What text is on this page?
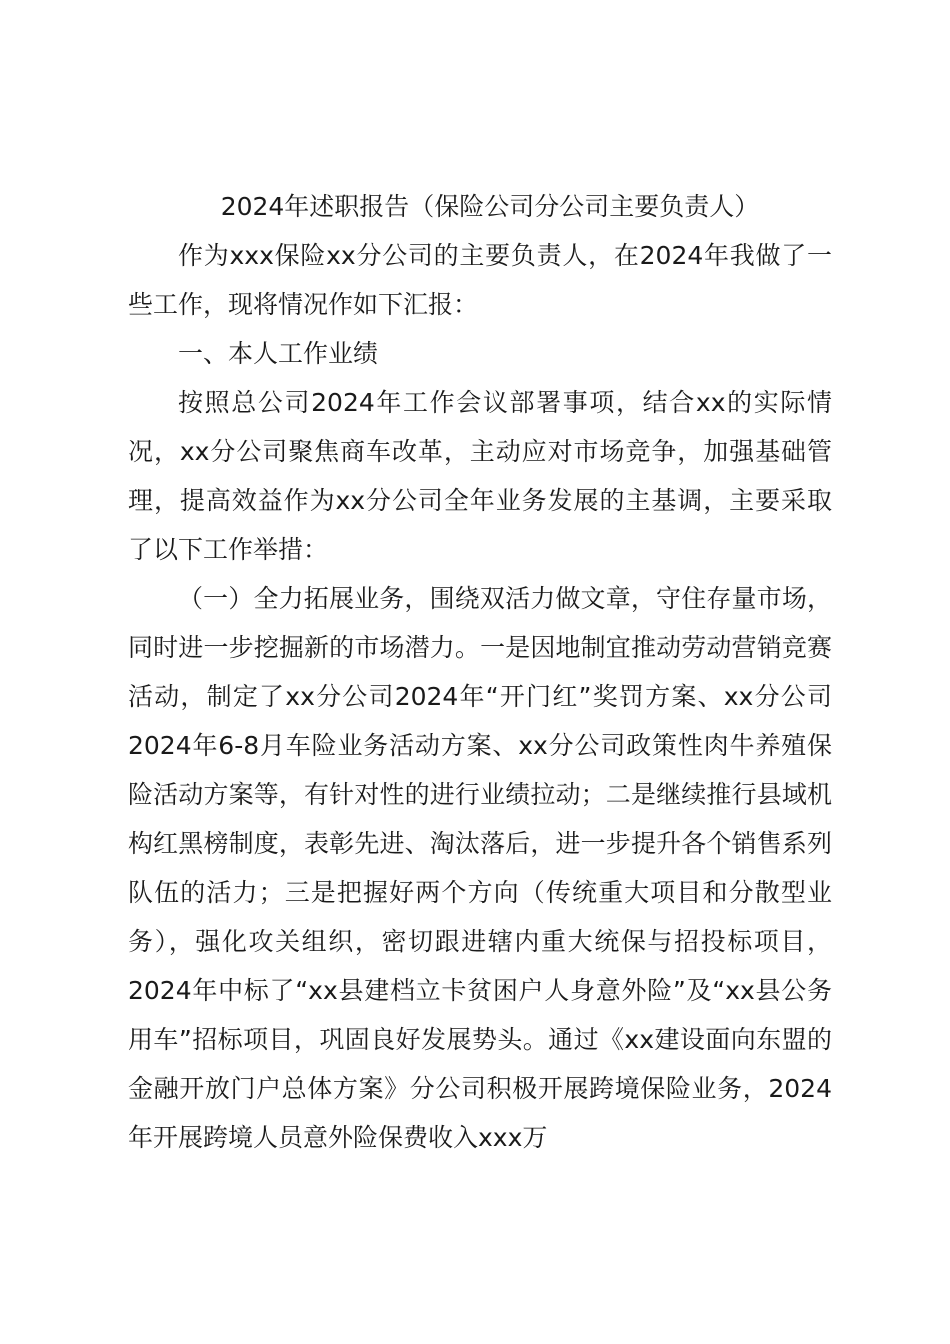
2024年述职报告（保险公司分公司主要负责人）

作为xxx保险xx分公司的主要负责人，在2024年我做了一些工作，现将情况作如下汇报：

一、本人工作业绩

按照总公司2024年工作会议部署事项，结合xx的实际情况，xx分公司聚焦商车改革，主动应对市场竞争，加强基础管理，提高效益作为xx分公司全年业务发展的主基调，主要采取了以下工作举措：

（一）全力拓展业务，围绕双活力做文章，守住存量市场，同时进一步挖掘新的市场潜力。一是因地制宜推动劳动营销竞赛活动，制定了xx分公司2024年“开门红”奖罚方案、xx分公司2024年6-8月车险业务活动方案、xx分公司政策性肉牛养殖保险活动方案等，有针对性的进行业绩拉动；二是继续推行县域机构红黑榜制度，表彰先进、淘汰落后，进一步提升各个销售系列队伍的活力；三是把握好两个方向（传统重大项目和分散型业务），强化攻关组织，密切跟进辖内重大统保与招投标项目，2024年中标了“xx县建档立卡贫困户人身意外险”及“xx县公务用车”招标项目，巩固良好发展势头。通过《xx建设面向东盟的金融开放门户总体方案》分公司积极开展跨境保险业务，2024年开展跨境人员意外险保费收入xxx万
